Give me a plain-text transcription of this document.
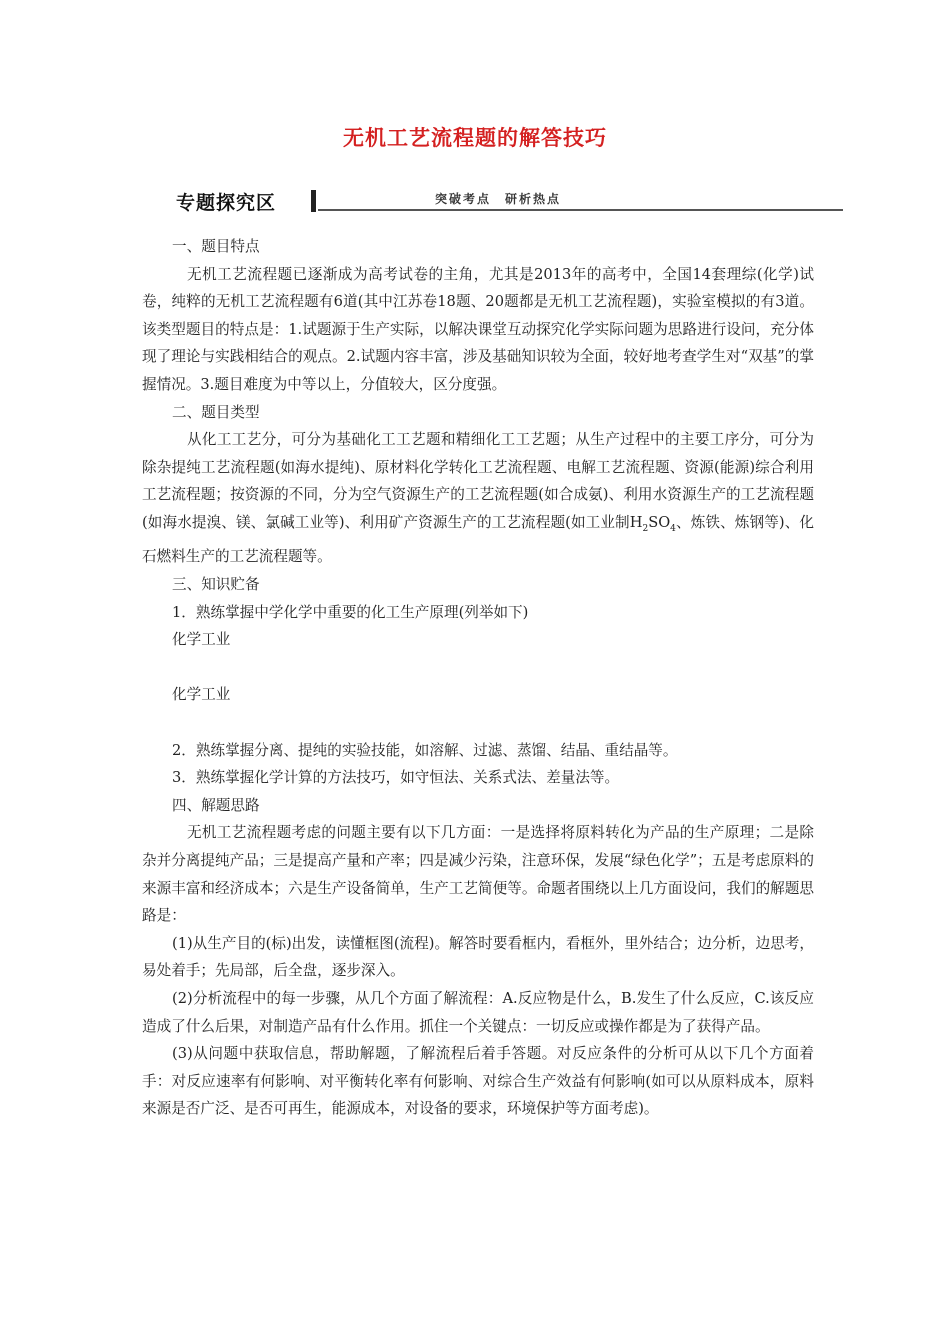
无机工艺流程题的解答技巧
专题探究区	突破考点　研析热点

一、题目特点

无机工艺流程题已逐渐成为高考试卷的主角，尤其是2013年的高考中，全国14套理综(化学)试卷，纯粹的无机工艺流程题有6道(其中江苏卷18题、20题都是无机工艺流程题)，实验室模拟的有3道。该类型题目的特点是：1.试题源于生产实际，以解决课堂互动探究化学实际问题为思路进行设问，充分体现了理论与实践相结合的观点。2.试题内容丰富，涉及基础知识较为全面，较好地考查学生对“双基”的掌握情况。3.题目难度为中等以上，分值较大，区分度强。

二、题目类型

从化工工艺分，可分为基础化工工艺题和精细化工工艺题；从生产过程中的主要工序分，可分为除杂提纯工艺流程题(如海水提纯)、原材料化学转化工艺流程题、电解工艺流程题、资源(能源)综合利用工艺流程题；按资源的不同，分为空气资源生产的工艺流程题(如合成氨)、利用水资源生产的工艺流程题(如海水提溴、镁、氯碱工业等)、利用矿产资源生产的工艺流程题(如工业制$H_2SO_4$、炼铁、炼钢等)、化石燃料生产的工艺流程题等。

三、知识贮备

1．熟练掌握中学化学中重要的化工生产原理(列举如下)

化学工业

化学工业

2．熟练掌握分离、提纯的实验技能，如溶解、过滤、蒸馏、结晶、重结晶等。

3．熟练掌握化学计算的方法技巧，如守恒法、关系式法、差量法等。

四、解题思路

无机工艺流程题考虑的问题主要有以下几方面：一是选择将原料转化为产品的生产原理；二是除杂并分离提纯产品；三是提高产量和产率；四是减少污染，注意环保，发展“绿色化学”；五是考虑原料的来源丰富和经济成本；六是生产设备简单，生产工艺简便等。命题者围绕以上几方面设问，我们的解题思路是：

(1)从生产目的(标)出发，读懂框图(流程)。解答时要看框内，看框外，里外结合；边分析，边思考，易处着手；先局部，后全盘，逐步深入。

(2)分析流程中的每一步骤，从几个方面了解流程：A.反应物是什么，B.发生了什么反应，C.该反应造成了什么后果，对制造产品有什么作用。抓住一个关键点：一切反应或操作都是为了获得产品。

(3)从问题中获取信息，帮助解题，了解流程后着手答题。对反应条件的分析可从以下几个方面着手：对反应速率有何影响、对平衡转化率有何影响、对综合生产效益有何影响(如可以从原料成本，原料来源是否广泛、是否可再生，能源成本，对设备的要求，环境保护等方面考虑)。
